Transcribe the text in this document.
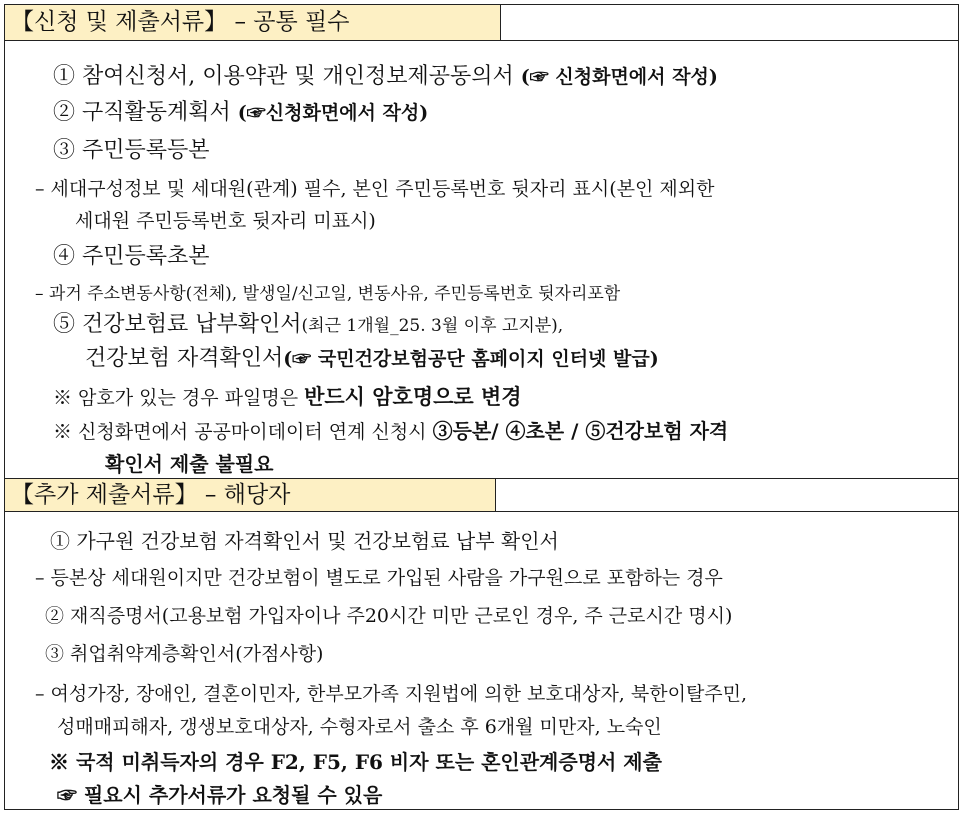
【신청 및 제출서류】 – 공통 필수
① 참여신청서, 이용약관 및 개인정보제공동의서 (☞ 신청화면에서 작성)
② 구직활동계획서 (☞신청화면에서 작성)
③ 주민등록등본
– 세대구성정보 및 세대원(관계) 필수, 본인 주민등록번호 뒷자리 표시(본인 제외한
세대원 주민등록번호 뒷자리 미표시)
④ 주민등록초본
– 과거 주소변동사항(전체), 발생일/신고일, 변동사유, 주민등록번호 뒷자리포함
⑤ 건강보험료 납부확인서(최근 1개월_25. 3월 이후 고지분),
건강보험 자격확인서(☞ 국민건강보험공단 홈페이지 인터넷 발급)
※ 암호가 있는 경우 파일명은 반드시 암호명으로 변경
※ 신청화면에서 공공마이데이터 연계 신청시 ③등본/ ④초본 / ⑤건강보험 자격
확인서 제출 불필요
【추가 제출서류】 – 해당자
① 가구원 건강보험 자격확인서 및 건강보험료 납부 확인서
– 등본상 세대원이지만 건강보험이 별도로 가입된 사람을 가구원으로 포함하는 경우
② 재직증명서(고용보험 가입자이나 주20시간 미만 근로인 경우, 주 근로시간 명시)
③ 취업취약계층확인서(가점사항)
– 여성가장, 장애인, 결혼이민자, 한부모가족 지원법에 의한 보호대상자, 북한이탈주민,
성매매피해자, 갱생보호대상자, 수형자로서 출소 후 6개월 미만자, 노숙인
※ 국적 미취득자의 경우 F2, F5, F6 비자 또는 혼인관계증명서 제출
☞ 필요시 추가서류가 요청될 수 있음
